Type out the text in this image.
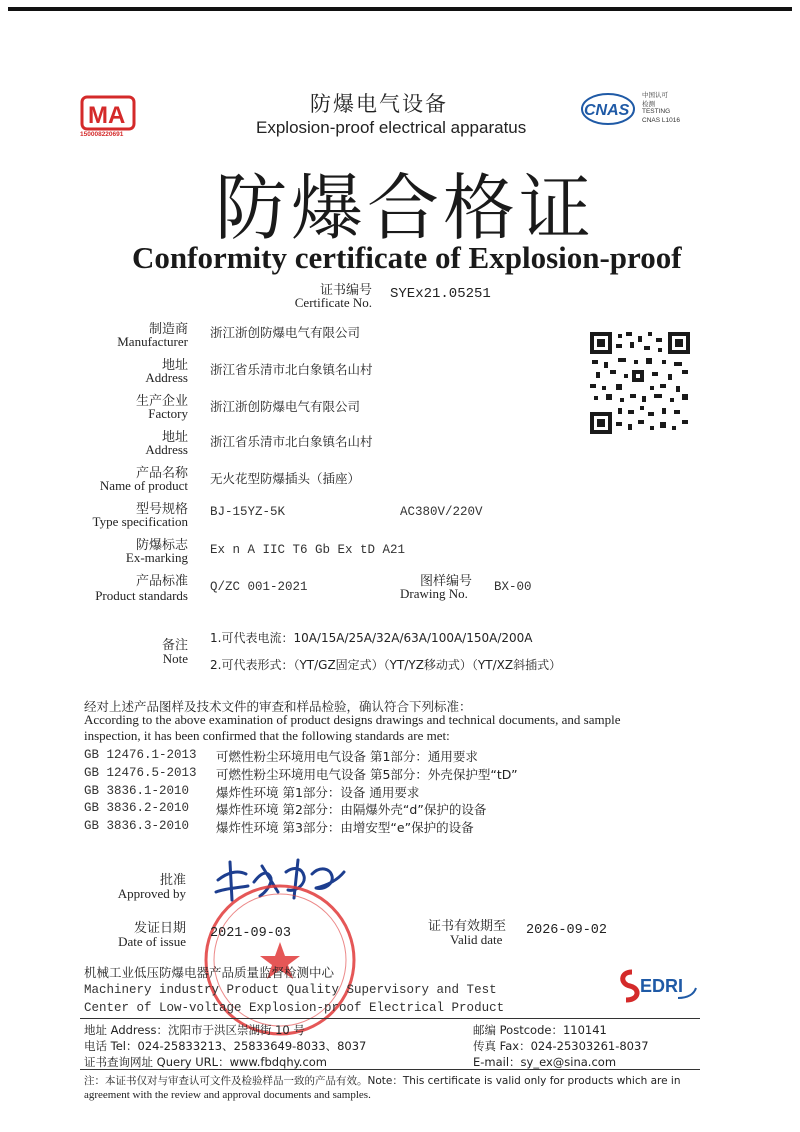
MA
150008220691
CNAS
中国认可
检测
TESTING
CNAS L1016
防爆电气设备
Explosion-proof electrical apparatus
防爆合格证
Conformity certificate of Explosion-proof
证书编号
Certificate No.
SYEx21.05251
制造商
Manufacturer
浙江浙创防爆电气有限公司
地址
Address
浙江省乐清市北白象镇名山村
生产企业
Factory 浙江浙创防爆电气有限公司
地址
Address
浙江省乐清市北白象镇名山村
产品名称
Name of product 无火花型防爆插头（插座）
型号规格
Type specification
BJ-15YZ-5K	AC380V/220V
防爆标志
Ex-marking Ex n A IIC T6 Gb Ex tD A21
产品标准
Product standards
Q/ZC 001-2021	图样编号
Drawing No. BX-00
备注
Note
1.可代表电流：10A/15A/25A/32A/63A/100A/150A/200A
2.可代表形式：（YT/GZ固定式）（YT/YZ移动式）（YT/XZ斜插式）
经对上述产品图样及技术文件的审查和样品检验，确认符合下列标准：
According to the above examination of product designs drawings and technical documents, and sample
inspection, it has been confirmed that the following standards are met:
GB 12476.1-2013 可燃性粉尘环境用电气设备 第1部分：通用要求
GB 12476.5-2013 可燃性粉尘环境用电气设备 第5部分：外壳保护型“tD”
GB 3836.1-2010 爆炸性环境 第1部分：设备 通用要求
GB 3836.2-2010 爆炸性环境 第2部分：由隔爆外壳“d”保护的设备
GB 3836.3-2010 爆炸性环境 第3部分：由增安型“e”保护的设备
批准
Approved by
发证日期
Date of issue
2021-09-03	证书有效期至
Valid date
2026-09-02
机械工业低压防爆电器产品质量监督检测中心
Machinery industry Product Quality Supervisory and Test
Center of Low-voltage Explosion-proof Electrical Product
EDRI
地址 Address：沈阳市于洪区崇湖街 10 号
电话 Tel：024-25833213、25833649-8033、8037
证书查询网址 Query URL：www.fbdqhy.com
邮编 Postcode：110141
传真 Fax：024-25303261-8037
E-mail：sy_ex@sina.com
注：本证书仅对与审查认可文件及检验样品一致的产品有效。Note：This certificate is valid only for products which are in
agreement with the review and approval documents and samples.
